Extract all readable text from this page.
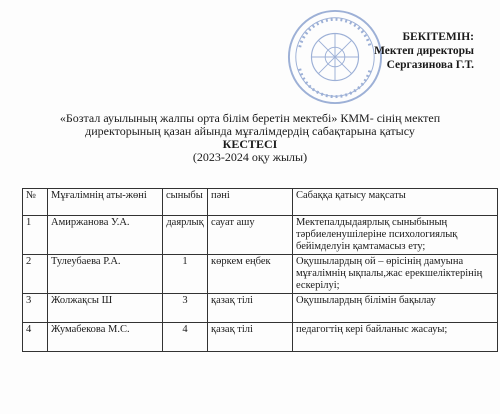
БЕКІТЕМІН:
Мектеп директоры
Сергазинова Г.Т.
«Бозтал ауылының жалпы орта білім беретін мектебі» КММ- сінің мектеп
директорының қазан айында мұғалімдердің сабақтарына қатысу
КЕСТЕСІ
(2023-2024 оқу жылы)
№	Мұғалімнің аты-жөні	сыныбы	пәні	Сабаққа қатысу мақсаты
1	Амиржанова У.А.	даярлық	сауат ашу	Мектепалдыдаярлық сыныбының тәрбиеленушілеріне психологиялық бейімделуін қамтамасыз ету;
2	Тулеубаева Р.А.	1	көркем еңбек	Оқушылардың ой – өрісінің дамуына мұғалімнің ықпалы,жас ерекшеліктерінің ескерілуі;
3	Жолжақсы Ш	3	қазақ тілі	Оқушылардың білімін бақылау
4	Жумабекова М.С.	4	қазақ тілі	педагогтің кері байланыс жасауы;
